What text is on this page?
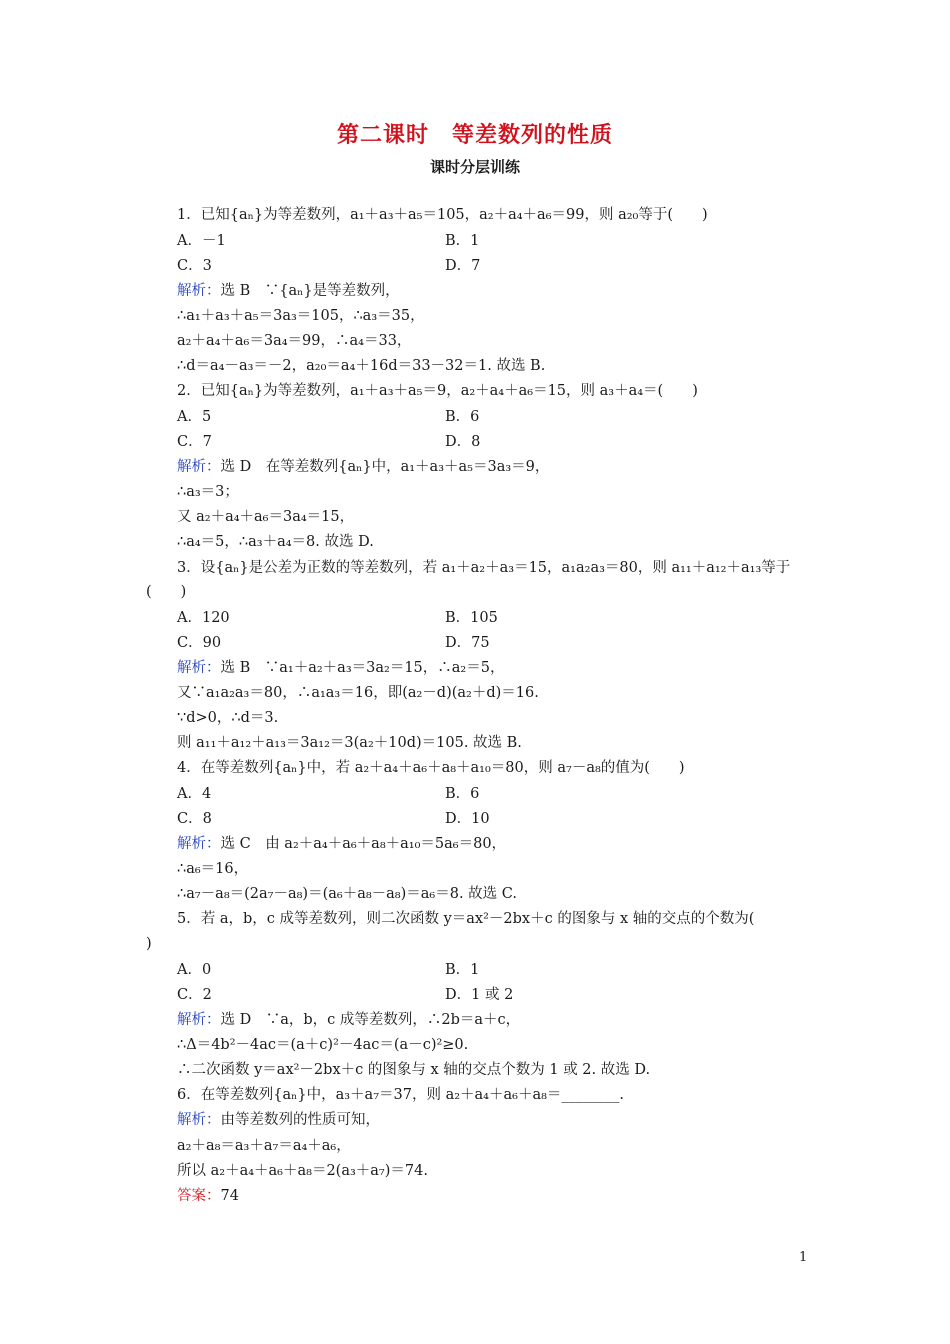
第二课时　等差数列的性质
课时分层训练
1．已知{aₙ}为等差数列，a₁＋a₃＋a₅＝105，a₂＋a₄＋a₆＝99，则 a₂₀等于(　　)
A．－1	B．1
C．3	D．7
解析：选 B　∵{aₙ}是等差数列，
∴a₁＋a₃＋a₅＝3a₃＝105，∴a₃＝35，
a₂＋a₄＋a₆＝3a₄＝99，∴a₄＝33，
∴d＝a₄－a₃＝－2，a₂₀＝a₄＋16d＝33－32＝1. 故选 B.
2．已知{aₙ}为等差数列，a₁＋a₃＋a₅＝9，a₂＋a₄＋a₆＝15，则 a₃＋a₄＝(　　)
A．5	B．6
C．7	D．8
解析：选 D　在等差数列{aₙ}中，a₁＋a₃＋a₅＝3a₃＝9，
∴a₃＝3；
又 a₂＋a₄＋a₆＝3a₄＝15，
∴a₄＝5，∴a₃＋a₄＝8. 故选 D.
3．设{aₙ}是公差为正数的等差数列，若 a₁＋a₂＋a₃＝15，a₁a₂a₃＝80，则 a₁₁＋a₁₂＋a₁₃等于
(　　)
A．120	B．105
C．90	D．75
解析：选 B　∵a₁＋a₂＋a₃＝3a₂＝15，∴a₂＝5，
又∵a₁a₂a₃＝80，∴a₁a₃＝16，即(a₂－d)(a₂＋d)＝16.
∵d>0，∴d＝3.
则 a₁₁＋a₁₂＋a₁₃＝3a₁₂＝3(a₂＋10d)＝105. 故选 B.
4．在等差数列{aₙ}中，若 a₂＋a₄＋a₆＋a₈＋a₁₀＝80，则 a₇－a₈的值为(　　)
A．4	B．6
C．8	D．10
解析：选 C　由 a₂＋a₄＋a₆＋a₈＋a₁₀＝5a₆＝80，
∴a₆＝16，
∴a₇－a₈＝(2a₇－a₈)＝(a₆＋a₈－a₈)＝a₆＝8. 故选 C.
5．若 a，b，c 成等差数列，则二次函数 y＝ax²－2bx＋c 的图象与 x 轴的交点的个数为(
)
A．0	B．1
C．2	D．1 或 2
解析：选 D　∵a，b，c 成等差数列，∴2b＝a＋c，
∴Δ＝4b²－4ac＝(a＋c)²－4ac＝(a－c)²≥0.
∴二次函数 y＝ax²－2bx＋c 的图象与 x 轴的交点个数为 1 或 2. 故选 D.
6．在等差数列{aₙ}中，a₃＋a₇＝37，则 a₂＋a₄＋a₆＋a₈＝________.
解析：由等差数列的性质可知，
a₂＋a₈＝a₃＋a₇＝a₄＋a₆，
所以 a₂＋a₄＋a₆＋a₈＝2(a₃＋a₇)＝74.
答案：74
1
